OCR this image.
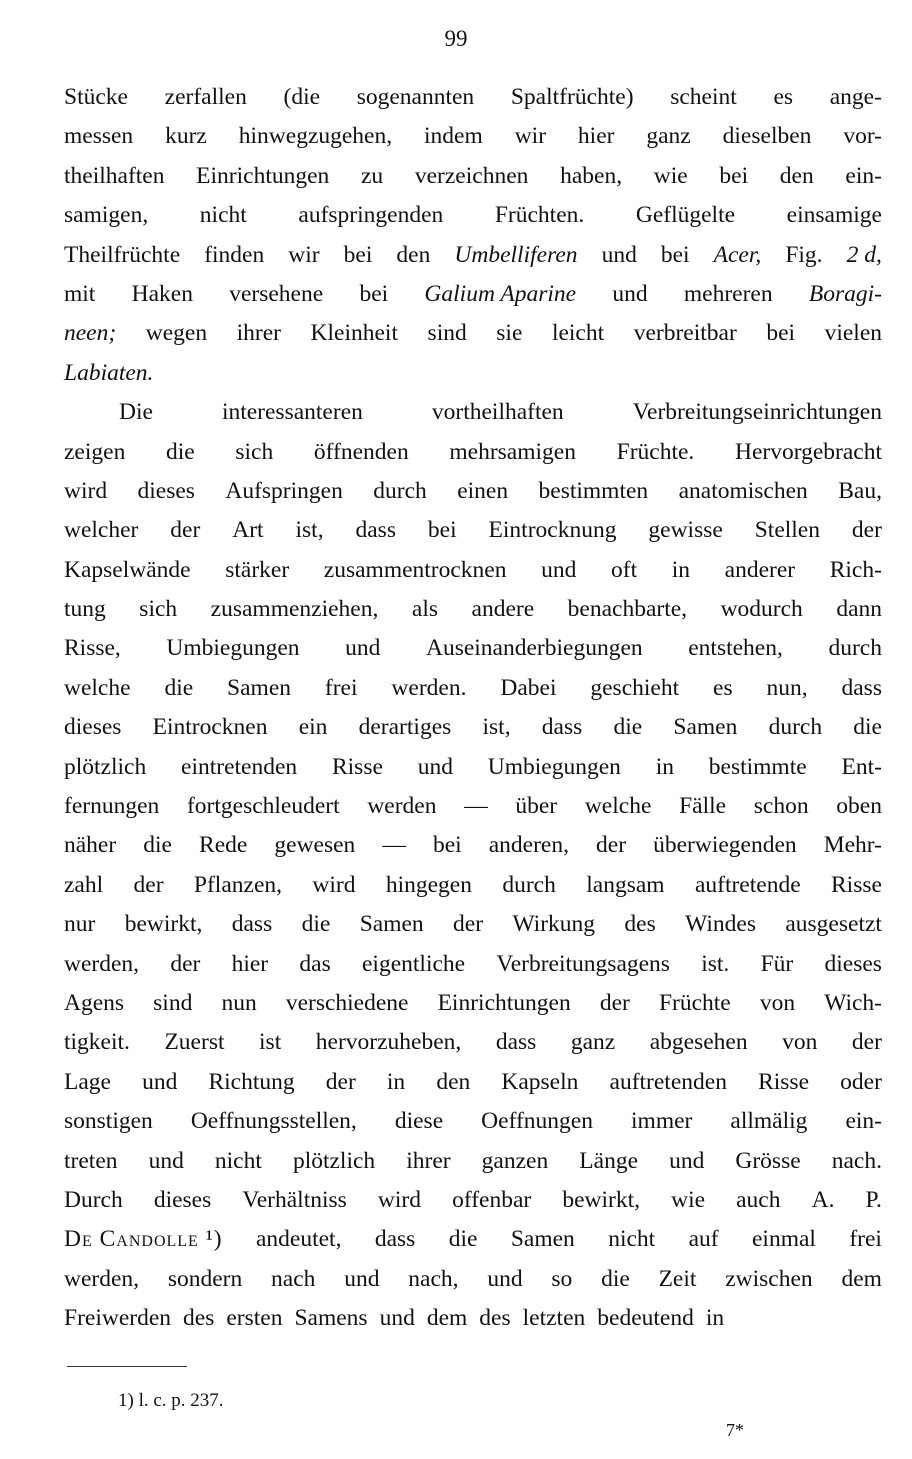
99
Stücke zerfallen (die sogenannten Spaltfrüchte) scheint es ange-
messen kurz hinwegzugehen, indem wir hier ganz dieselben vor-
theilhaften Einrichtungen zu verzeichnen haben, wie bei den ein-
samigen, nicht aufspringenden Früchten. Geflügelte einsamige
Theilfrüchte finden wir bei den Umbelliferen und bei Acer, Fig. 2 d,
mit Haken versehene bei Galium Aparine und mehreren Boragi-
neen; wegen ihrer Kleinheit sind sie leicht verbreitbar bei vielen
Labiaten.
Die	interessanteren	vortheilhaften	Verbreitungseinrichtungen
zeigen die sich öffnenden mehrsamigen Früchte. Hervorgebracht
wird dieses Aufspringen durch einen bestimmten anatomischen Bau,
welcher der Art ist, dass bei Eintrocknung gewisse Stellen der
Kapselwände stärker zusammentrocknen und oft in anderer Rich-
tung sich zusammenziehen, als andere benachbarte, wodurch dann
Risse, Umbiegungen und Auseinanderbiegungen entstehen, durch
welche die Samen frei werden. Dabei geschieht es nun, dass
dieses Eintrocknen ein derartiges ist, dass die Samen durch die
plötzlich eintretenden Risse und Umbiegungen in bestimmte Ent-
fernungen fortgeschleudert werden — über welche Fälle schon oben
näher die Rede gewesen — bei anderen, der überwiegenden Mehr-
zahl der Pflanzen, wird hingegen durch langsam auftretende Risse
nur bewirkt, dass die Samen der Wirkung des Windes ausgesetzt
werden, der hier das eigentliche Verbreitungsagens ist. Für dieses
Agens sind nun verschiedene Einrichtungen der Früchte von Wich-
tigkeit. Zuerst ist hervorzuheben, dass ganz abgesehen von der
Lage und Richtung der in den Kapseln auftretenden Risse oder
sonstigen Oeffnungsstellen, diese Oeffnungen immer allmälig ein-
treten und nicht plötzlich ihrer ganzen Länge und Grösse nach.
Durch dieses Verhältniss wird offenbar bewirkt, wie auch A. P.
De Candolle ¹) andeutet, dass die Samen nicht auf einmal frei
werden, sondern nach und nach, und so die Zeit zwischen dem
Freiwerden des ersten Samens und dem des letzten bedeutend in
1) l. c. p. 237.
7*
